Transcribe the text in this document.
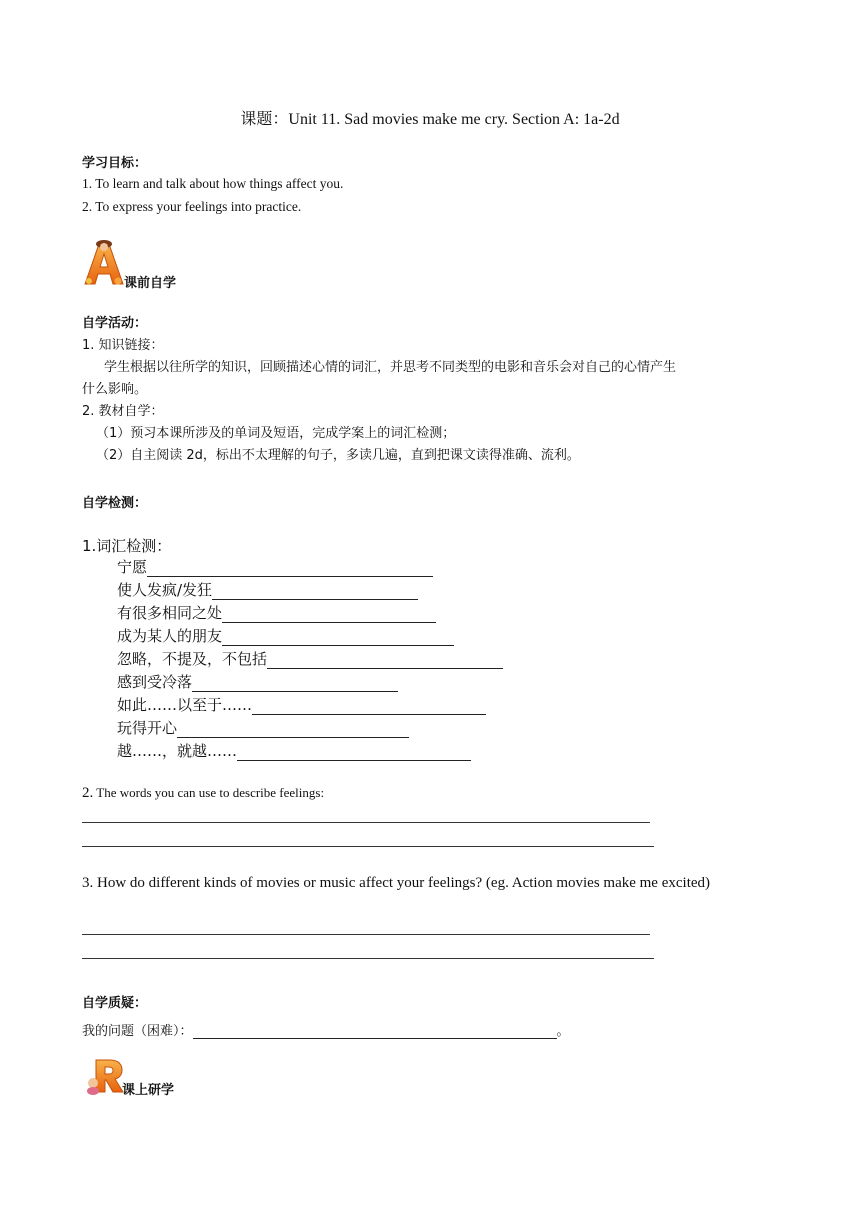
课题：Unit 11. Sad movies make me cry. Section A: 1a-2d
学习目标：
1. To learn and talk about how things affect you.
2. To express your feelings into practice.
课前自学
自学活动：
1. 知识链接：
学生根据以往所学的知识，回顾描述心情的词汇，并思考不同类型的电影和音乐会对自己的心情产生
什么影响。
2. 教材自学：
（1）预习本课所涉及的单词及短语，完成学案上的词汇检测；
（2）自主阅读 2d，标出不太理解的句子，多读几遍，直到把课文读得准确、流利。
自学检测：
1.词汇检测：
宁愿
使人发疯/发狂
有很多相同之处
成为某人的朋友
忽略，不提及，不包括
感到受冷落
如此……以至于……
玩得开心
越……，就越……
2. The words you can use to describe feelings:
3. How do different kinds of movies or music affect your feelings? (eg. Action movies make me excited)
自学质疑：
我的问题（困难）：	。
课上研学
